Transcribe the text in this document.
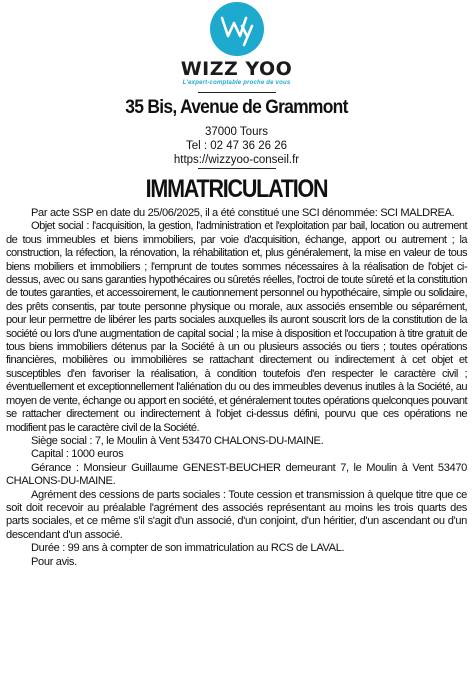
WIZZ YOO
L'expert-comptable proche de vous
35 Bis, Avenue de Grammont
37000 Tours
Tel : 02 47 36 26 26
https://wizzyoo-conseil.fr
IMMATRICULATION

Par acte SSP en date du 25/06/2025, il a été constitué une SCI dénommée: SCI MALDREA.

Objet social : l'acquisition, la gestion, l'administration et l'exploitation par bail, location ou autrement de tous immeubles et biens immobiliers, par voie d'acquisition, échange, apport ou autrement ; la construction, la réfection, la rénovation, la réhabilitation et, plus généralement, la mise en valeur de tous biens mobiliers et immobiliers ; l'emprunt de toutes sommes nécessaires à la réalisation de l'objet ci-dessus, avec ou sans garanties hypothécaires ou sûretés réelles, l'octroi de toute sûreté et la constitution de toutes garanties, et accessoirement, le cautionnement personnel ou hypothécaire, simple ou solidaire, des prêts consentis, par toute personne physique ou morale, aux associés ensemble ou séparément, pour leur permettre de libérer les parts sociales auxquelles ils auront souscrit lors de la constitution de la société ou lors d'une augmentation de capital social ; la mise à disposition et l'occupation à titre gratuit de tous biens immobiliers détenus par la Société à un ou plusieurs associés ou tiers ; toutes opérations financières, mobilières ou immobilières se rattachant directement ou indirectement à cet objet et susceptibles d'en favoriser la réalisation, à condition toutefois d'en respecter le caractère civil ; éventuellement et exceptionnellement l'aliénation du ou des immeubles devenus inutiles à la Société, au moyen de vente, échange ou apport en société, et généralement toutes opérations quelconques pouvant se rattacher directement ou indirectement à l'objet ci-dessus défini, pourvu que ces opérations ne modifient pas le caractère civil de la Société.

Siège social : 7, le Moulin à Vent 53470 CHALONS-DU-MAINE.

Capital : 1000 euros

Gérance : Monsieur Guillaume GENEST-BEUCHER demeurant 7, le Moulin à Vent 53470 CHALONS-DU-MAINE.

Agrément des cessions de parts sociales : Toute cession et transmission à quelque titre que ce soit doit recevoir au préalable l'agrément des associés représentant au moins les trois quarts des parts sociales, et ce même s'il s'agit d'un associé, d'un conjoint, d'un héritier, d'un ascendant ou d'un descendant d'un associé.

Durée : 99 ans à compter de son immatriculation au RCS de LAVAL.

Pour avis.
